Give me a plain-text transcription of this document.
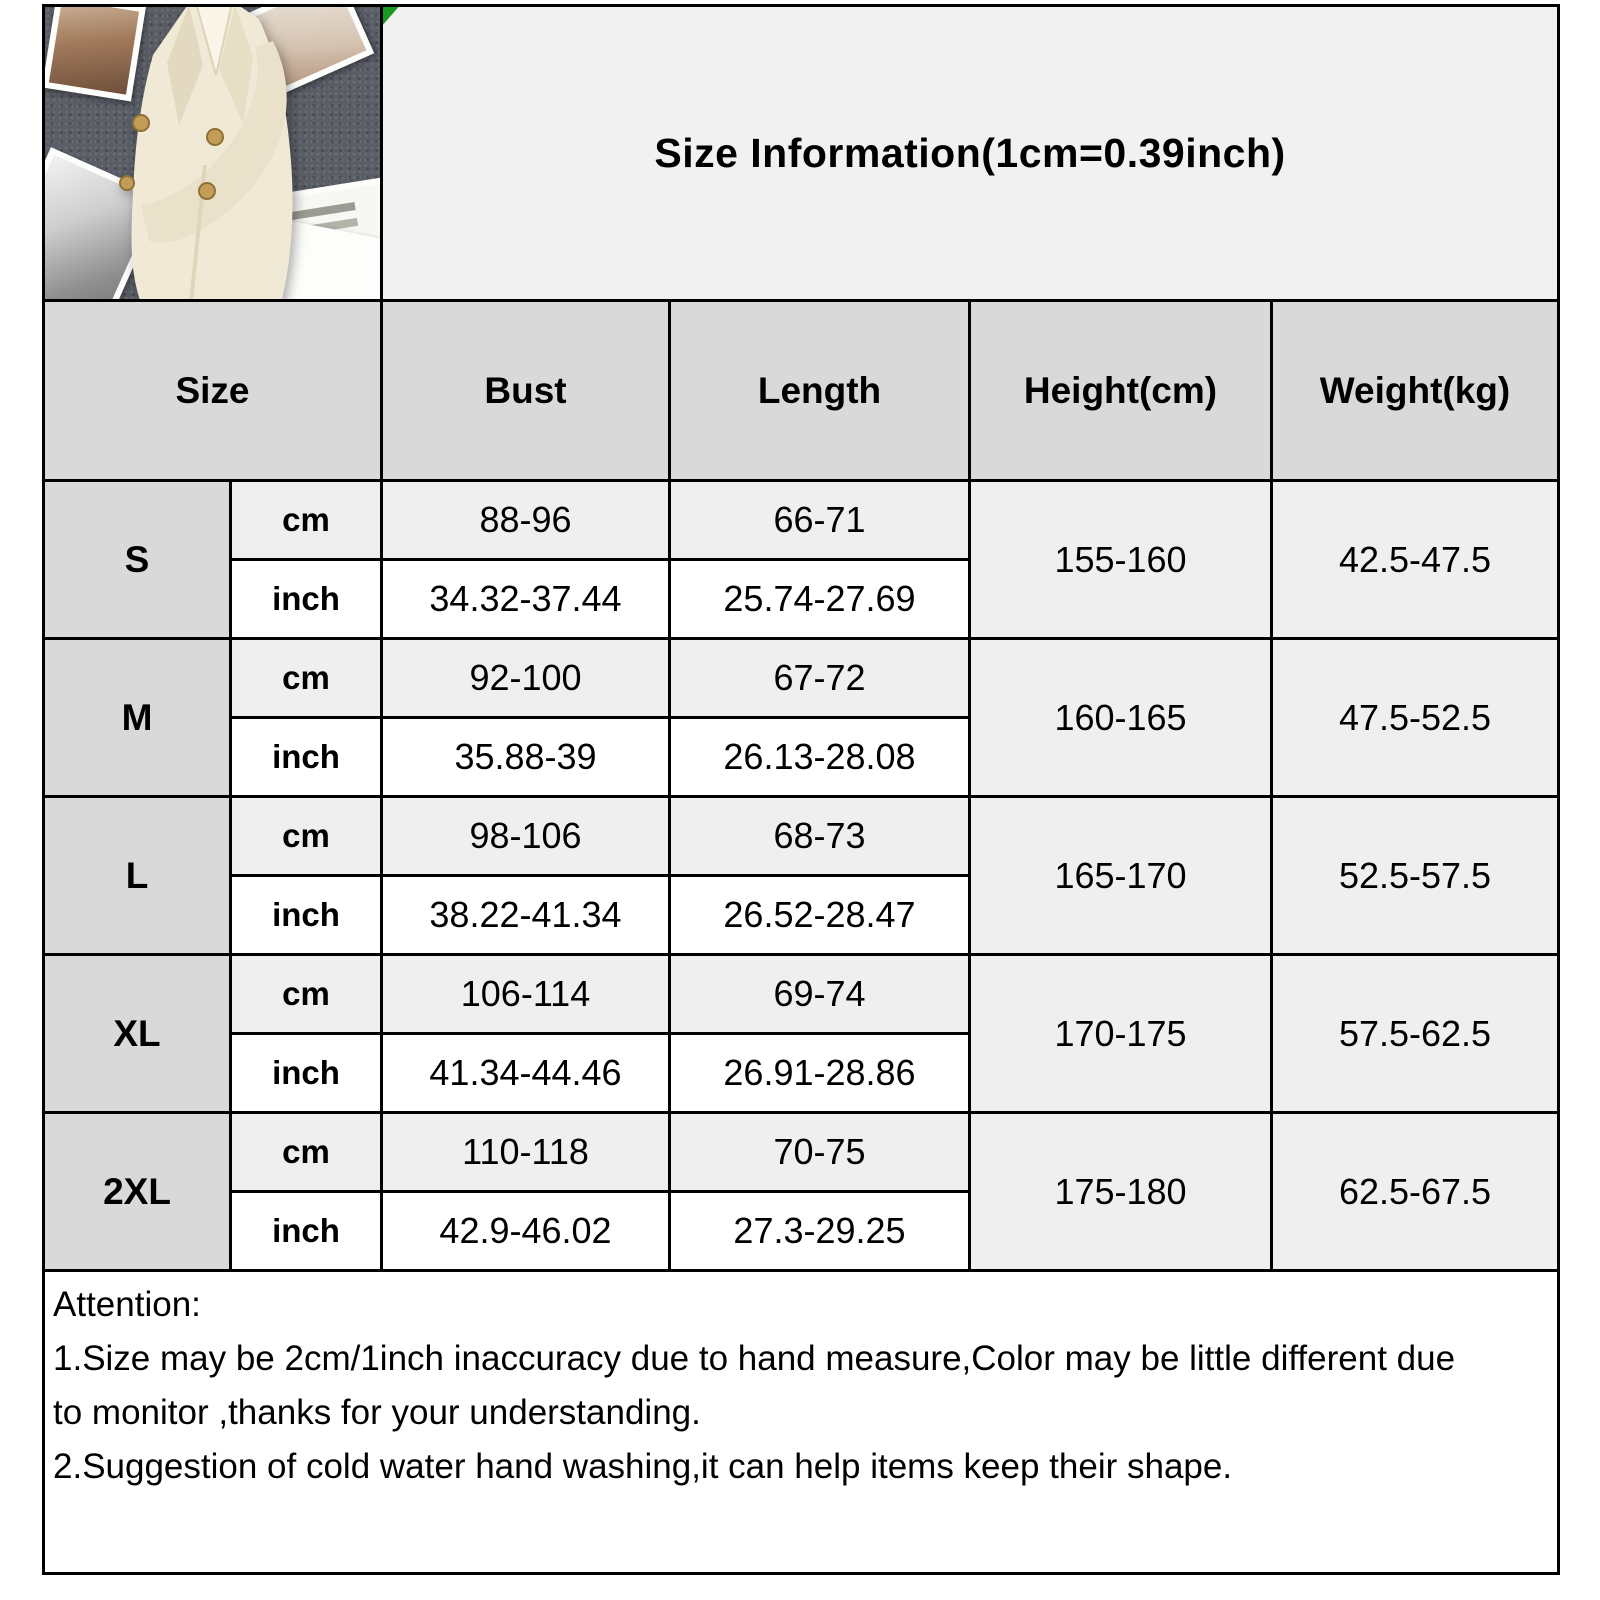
Size Information(1cm=0.39inch)			
Size		Bust	Length	Height(cm)	Weight(kg)
S	cm	88-96	66-71	155-160	42.5-47.5
	inch	34.32-37.44	25.74-27.69		
M	cm	92-100	67-72	160-165	47.5-52.5
	inch	35.88-39	26.13-28.08		
L	cm	98-106	68-73	165-170	52.5-57.5
	inch	38.22-41.34	26.52-28.47		
XL	cm	106-114	69-74	170-175	57.5-62.5
	inch	41.34-44.46	26.91-28.86		
2XL	cm	110-118	70-75	175-180	62.5-67.5
	inch	42.9-46.02	27.3-29.25		

Attention:
1.Size may be 2cm/1inch inaccuracy due to hand measure,Color may be little different due
to monitor ,thanks for your understanding.
2.Suggestion of cold water hand washing,it can help items keep their shape.					
